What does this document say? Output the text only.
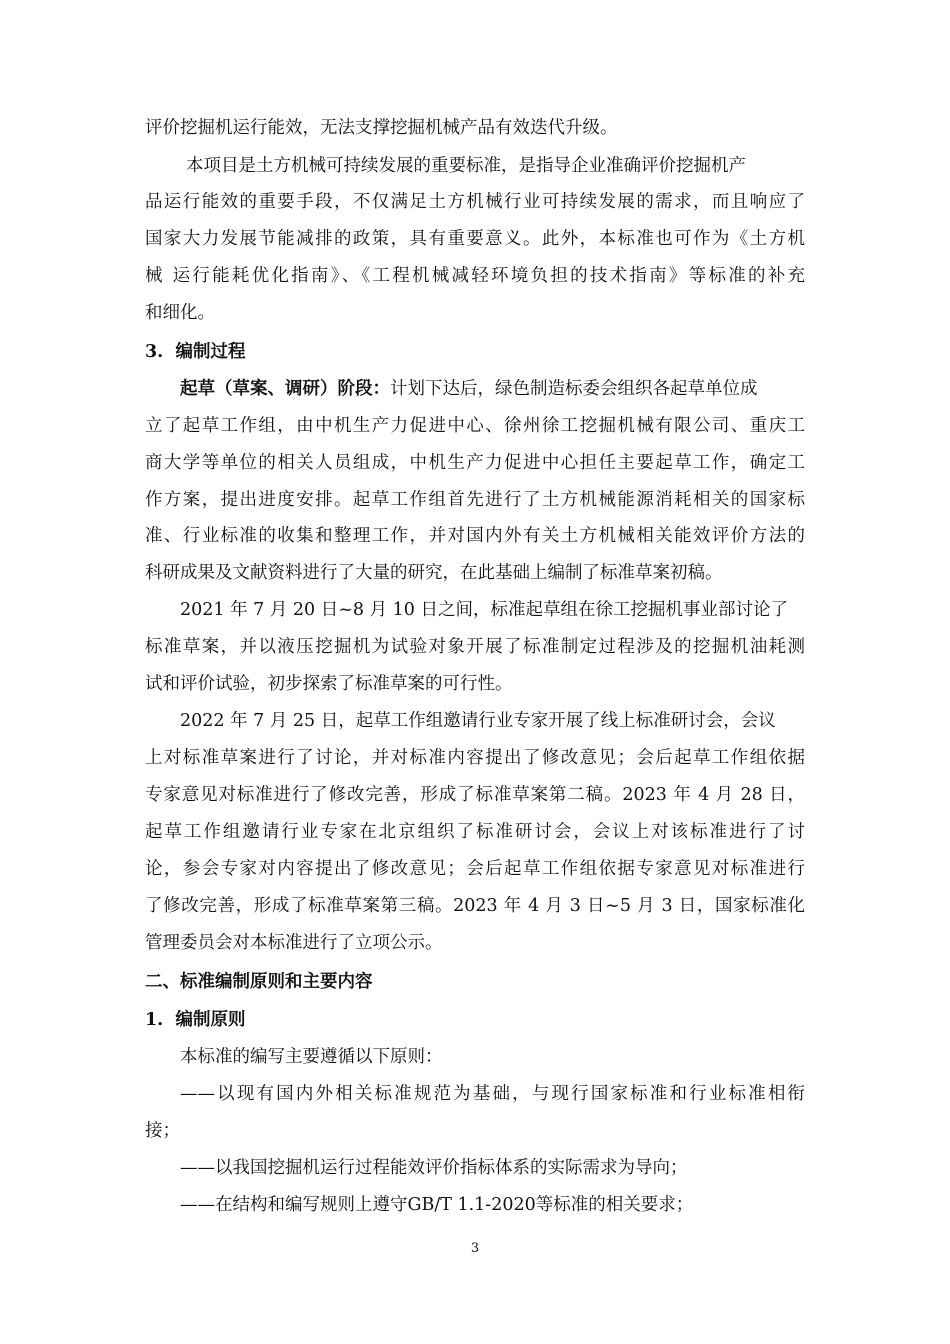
评价挖掘机运行能效，无法支撑挖掘机械产品有效迭代升级。
本项目是土方机械可持续发展的重要标准，是指导企业准确评价挖掘机产
品运行能效的重要手段，不仅满足土方机械行业可持续发展的需求，而且响应了
国家大力发展节能减排的政策，具有重要意义。此外，本标准也可作为《土方机
械 运行能耗优化指南》、《工程机械减轻环境负担的技术指南》等标准的补充
和细化。
3.  编制过程
起草（草案、调研）阶段：计划下达后，绿色制造标委会组织各起草单位成
立了起草工作组，由中机生产力促进中心、徐州徐工挖掘机械有限公司、重庆工
商大学等单位的相关人员组成，中机生产力促进中心担任主要起草工作，确定工
作方案，提出进度安排。起草工作组首先进行了土方机械能源消耗相关的国家标
准、行业标准的收集和整理工作，并对国内外有关土方机械相关能效评价方法的
科研成果及文献资料进行了大量的研究，在此基础上编制了标准草案初稿。
2021 年 7 月 20 日~8 月 10 日之间，标准起草组在徐工挖掘机事业部讨论了
标准草案，并以液压挖掘机为试验对象开展了标准制定过程涉及的挖掘机油耗测
试和评价试验，初步探索了标准草案的可行性。
2022 年 7 月 25 日，起草工作组邀请行业专家开展了线上标准研讨会，会议
上对标准草案进行了讨论，并对标准内容提出了修改意见；会后起草工作组依据
专家意见对标准进行了修改完善，形成了标准草案第二稿。2023 年 4 月 28 日，
起草工作组邀请行业专家在北京组织了标准研讨会，会议上对该标准进行了讨
论，参会专家对内容提出了修改意见；会后起草工作组依据专家意见对标准进行
了修改完善，形成了标准草案第三稿。2023 年 4 月 3 日~5 月 3 日，国家标准化
管理委员会对本标准进行了立项公示。
二、标准编制原则和主要内容
1.  编制原则
本标准的编写主要遵循以下原则：
——以现有国内外相关标准规范为基础，与现行国家标准和行业标准相衔
接；
——以我国挖掘机运行过程能效评价指标体系的实际需求为导向；
——在结构和编写规则上遵守GB/T 1.1-2020等标准的相关要求；
3
